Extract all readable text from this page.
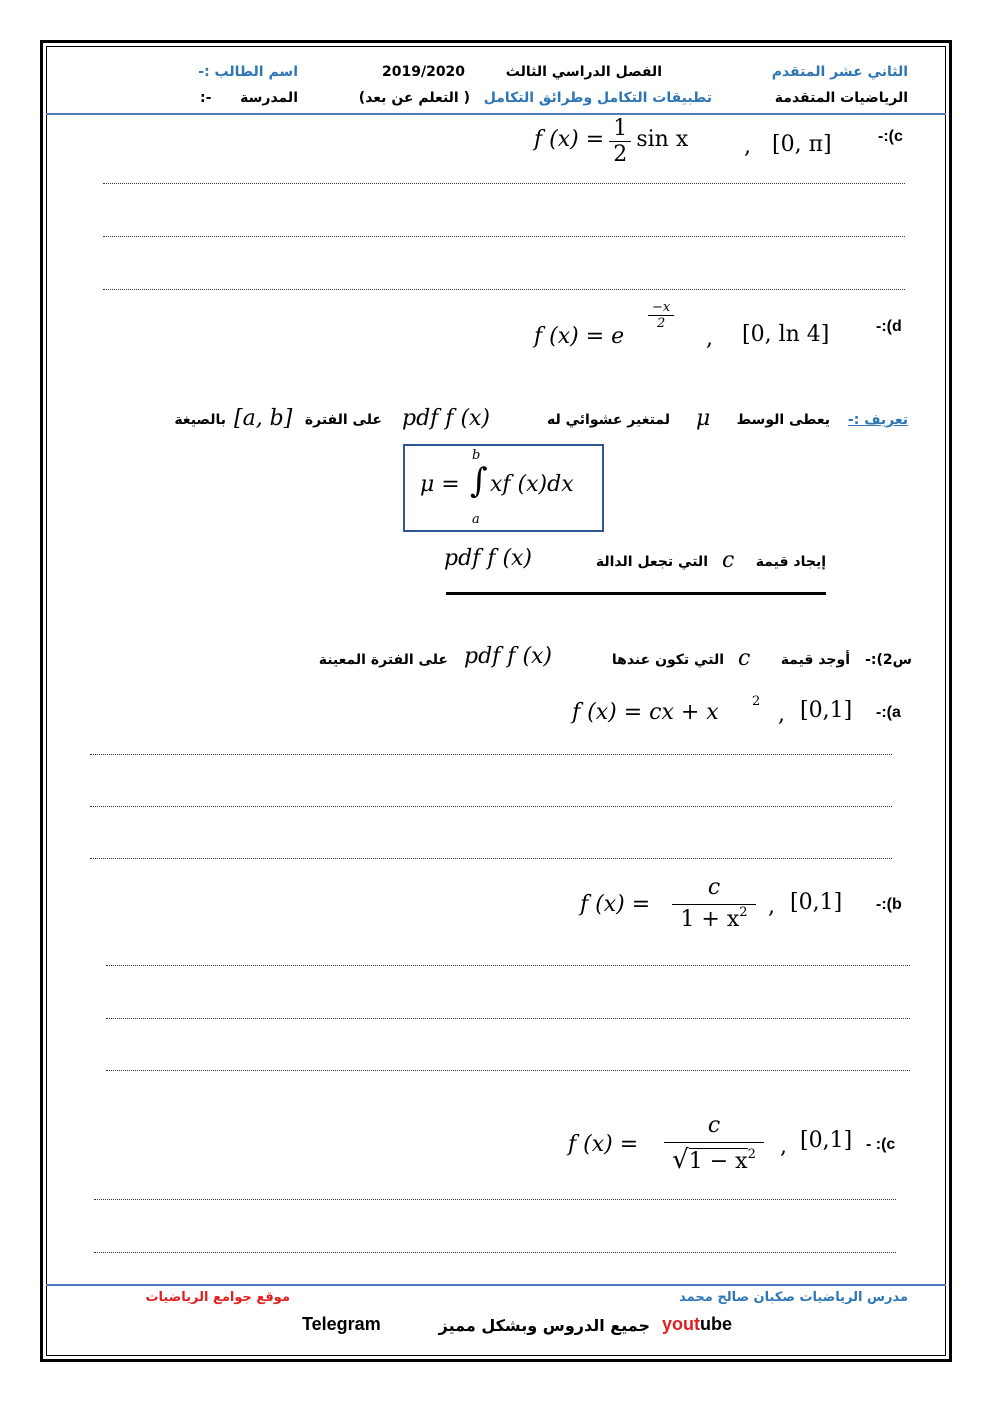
الثاني عشر المتقدم
الفصل الدراسي الثالث
2019/2020
اسم الطالب :-
الرياضيات المتقدمة
تطبيقات التكامل وطرائق التكامل
( التعلم عن بعد)
المدرسة
:-
-:(c
f $(x) = \frac{1}{2}$ sin x	, [0, π]
-:(d
f (x) = e
$\frac{-x}{2}$
, [0, ln 4]
تعريف :-
يعطى الوسط
μ
لمتغير عشوائي له
pdf f (x)
على الفترة
[a, b]
بالصيغة
μ = ∫
b
a
xf (x)dx
إيجاد قيمة
c
التي تجعل الدالة
pdf f (x)
س2):-
أوجد قيمة
c
التي تكون عندها
pdf f (x)
على الفترة المعينة
-:(a
f (x) = cx + x	2
, [0,1]
-:(b
f (x) =
c
$1 + x^2$ , [0,1]
- :(c
f (x) =
c
$√1 - x^2$	, [0,1]
مدرس الرياضيات صكبان صالح محمد
موقع جوامع الرياضيات
youtube
جميع الدروس وبشكل مميز
Telegram
